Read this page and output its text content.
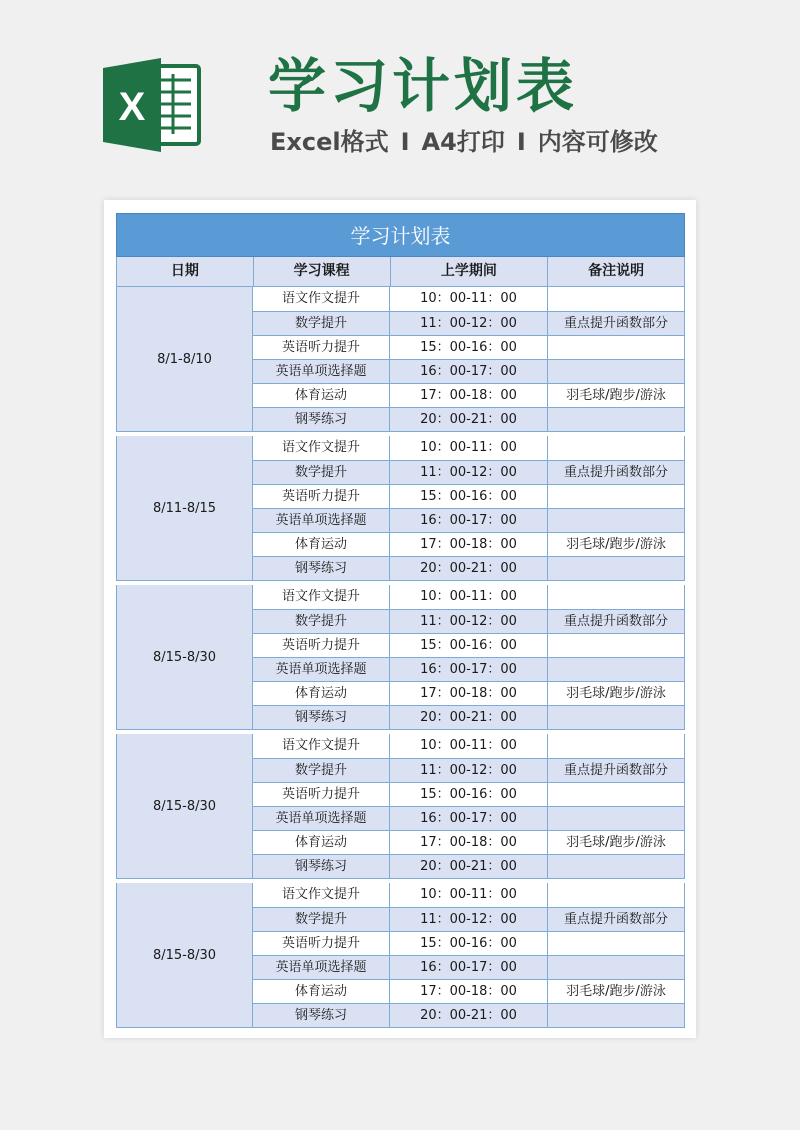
X 学习计划表
Excel格式 I A4打印 I 内容可修改
学习计划表
日期	学习课程	上学期间	备注说明
8/1-8/10
语文作文提升	10：00-11：00
数学提升	11：00-12：00	重点提升函数部分
英语听力提升	15：00-16：00
英语单项选择题	16：00-17：00
体育运动	17：00-18：00	羽毛球/跑步/游泳
钢琴练习	20：00-21：00
8/11-8/15
语文作文提升	10：00-11：00
数学提升	11：00-12：00	重点提升函数部分
英语听力提升	15：00-16：00
英语单项选择题	16：00-17：00
体育运动	17：00-18：00	羽毛球/跑步/游泳
钢琴练习	20：00-21：00
8/15-8/30
语文作文提升	10：00-11：00
数学提升	11：00-12：00	重点提升函数部分
英语听力提升	15：00-16：00
英语单项选择题	16：00-17：00
体育运动	17：00-18：00	羽毛球/跑步/游泳
钢琴练习	20：00-21：00
8/15-8/30
语文作文提升	10：00-11：00
数学提升	11：00-12：00	重点提升函数部分
英语听力提升	15：00-16：00
英语单项选择题	16：00-17：00
体育运动	17：00-18：00	羽毛球/跑步/游泳
钢琴练习	20：00-21：00
8/15-8/30
语文作文提升	10：00-11：00
数学提升	11：00-12：00	重点提升函数部分
英语听力提升	15：00-16：00
英语单项选择题	16：00-17：00
体育运动	17：00-18：00	羽毛球/跑步/游泳
钢琴练习	20：00-21：00
